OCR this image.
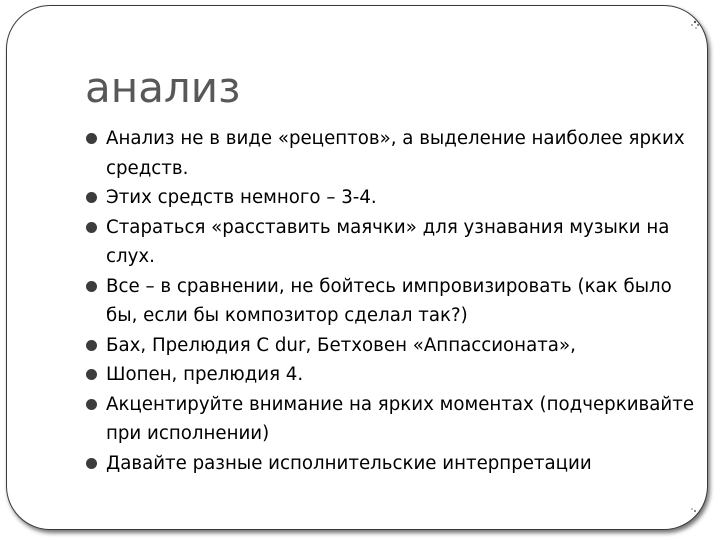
анализ
Анализ не в виде «рецептов», а выделение наиболее ярких средств.
Этих средств немного – 3-4.
Стараться «расставить маячки» для узнавания музыки на слух.
Все – в сравнении, не бойтесь импровизировать (как было бы, если бы композитор сделал так?)
Бах, Прелюдия С dur, Бетховен «Аппассионата»,
Шопен, прелюдия 4.
Акцентируйте внимание на ярких моментах (подчеркивайте при исполнении)
Давайте разные исполнительские интерпретации
